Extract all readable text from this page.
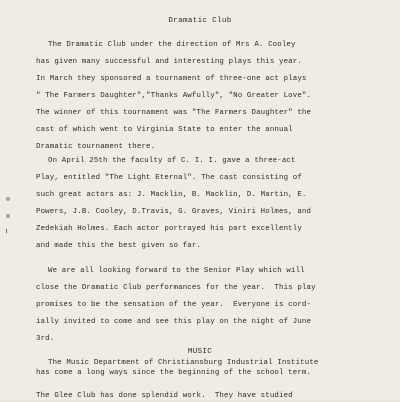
Dramatic Club
The Dramatic Club under the direction of Mrs A. Cooley
has given many successful and interesting plays this year.
In March they sponsored a tournament of three-one act plays
" The Farmers Daughter","Thanks Awfully", "No Greater Love".
The winner of this tournament was "The Farmers Daughter" the
cast of which went to Virginia State to enter the annual
Dramatic tournament there.
On April 25th the faculty of C. I. I. gave a three-act
Play, entitled "The Light Eternal". The cast consisting of
such great actors as: J. Macklin, B. Macklin, D. Martin, E.
Powers, J.B. Cooley, D.Travis, G. Graves, Viniri Holmes, and
Zedekiah Holmes. Each actor portrayed his part excellently
and made this the best given so far.
We are all looking forward to the Senior Play which will
close the Dramatic Club performances for the year.  This play
promises to be the sensation of the year.  Everyone is cord-
ially invited to come and see this play on the night of June
3rd.
MUSIC
The Music Department of Christiansburg Industrial Institute
has come a long ways since the beginning of the school term.
The Glee Club has done splendid work.  They have studied
